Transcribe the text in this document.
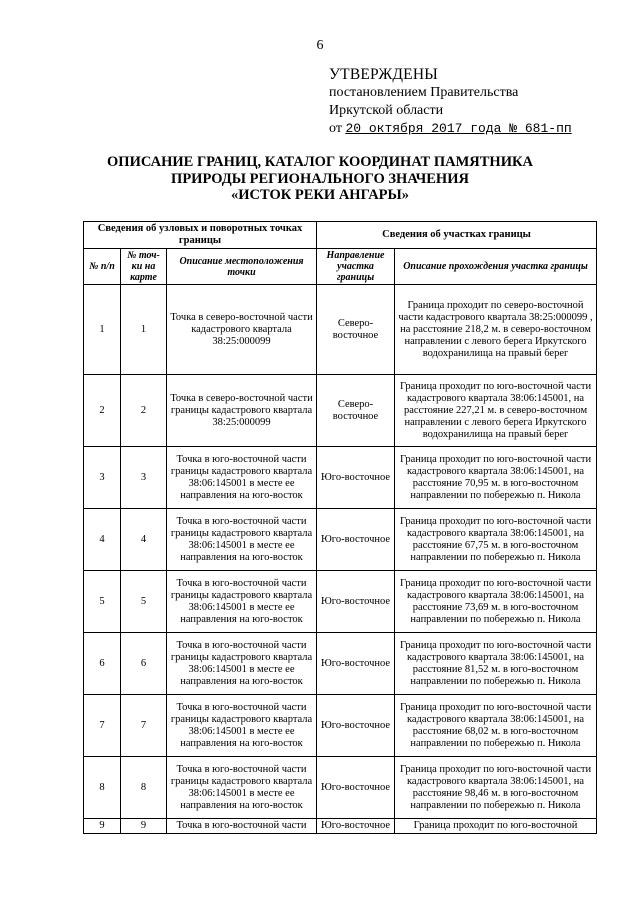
6
УТВЕРЖДЕНЫ
постановлением Правительства
Иркутской области
от 20 октября 2017 года № 681-пп
ОПИСАНИЕ ГРАНИЦ, КАТАЛОГ КООРДИНАТ ПАМЯТНИКА
ПРИРОДЫ РЕГИОНАЛЬНОГО ЗНАЧЕНИЯ
«ИСТОК РЕКИ АНГАРЫ»
Сведения об узловых и поворотных точках границы			Сведения об участках границы	
№ п/п	№ точ-ки на карте	Описание местоположения точки	Направление участка границы	Описание прохождения участка границы
1	1	Точка в северо-восточной части кадастрового квартала 38:25:000099	Северо-восточное	Граница проходит по северо-восточной части кадастрового квартала 38:25:000099 , на расстояние 218,2 м. в северо-восточном направлении с левого берега Иркутского водохранилища на правый берег
2	2	Точка в северо-восточной части границы кадастрового квартала 38:25:000099	Северо-восточное	Граница проходит по юго-восточной части кадастрового квартала 38:06:145001, на расстояние 227,21 м. в северо-восточном направлении с левого берега Иркутского водохранилища на правый берег
3	3	Точка в юго-восточной части границы кадастрового квартала 38:06:145001 в месте ее направления на юго-восток	Юго-восточное	Граница проходит по юго-восточной части кадастрового квартала 38:06:145001, на расстояние 70,95 м. в юго-восточном направлении по побережью п. Никола
4	4	Точка в юго-восточной части границы кадастрового квартала 38:06:145001 в месте ее направления на юго-восток	Юго-восточное	Граница проходит по юго-восточной части кадастрового квартала 38:06:145001, на расстояние 67,75 м. в юго-восточном направлении по побережью п. Никола
5	5	Точка в юго-восточной части границы кадастрового квартала 38:06:145001 в месте ее направления на юго-восток	Юго-восточное	Граница проходит по юго-восточной части кадастрового квартала 38:06:145001, на расстояние 73,69 м. в юго-восточном направлении по побережью п. Никола
6	6	Точка в юго-восточной части границы кадастрового квартала 38:06:145001 в месте ее направления на юго-восток	Юго-восточное	Граница проходит по юго-восточной части кадастрового квартала 38:06:145001, на расстояние 81,52 м. в юго-восточном направлении по побережью п. Никола
7	7	Точка в юго-восточной части границы кадастрового квартала 38:06:145001 в месте ее направления на юго-восток	Юго-восточное	Граница проходит по юго-восточной части кадастрового квартала 38:06:145001, на расстояние 68,02 м. в юго-восточном направлении по побережью п. Никола
8	8	Точка в юго-восточной части границы кадастрового квартала 38:06:145001 в месте ее направления на юго-восток	Юго-восточное	Граница проходит по юго-восточной части кадастрового квартала 38:06:145001, на расстояние 98,46 м. в юго-восточном направлении по побережью п. Никола
9	9	Точка в юго-восточной части	Юго-восточное	Граница проходит по юго-восточной
